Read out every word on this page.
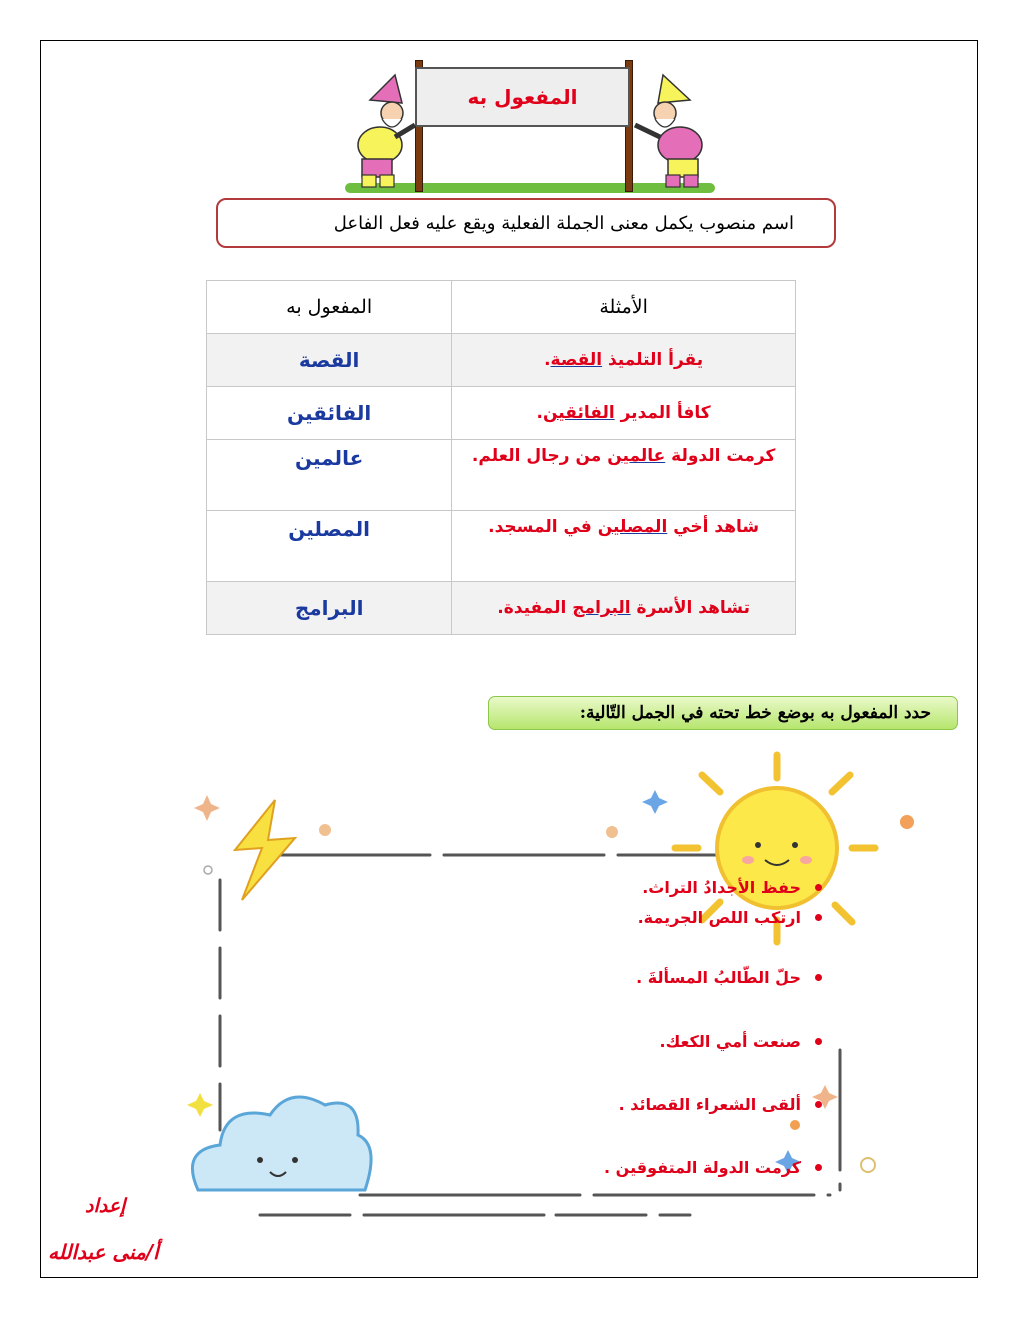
المفعول به
اسم منصوب يكمل معنى الجملة الفعلية ويقع عليه فعل الفاعل
الأمثلة	المفعول به
يقرأ التلميذ القصة.	القصة
كافأ المدير الفائقين.	الفائقين
كرمت الدولة عالمين من رجال العلم.	عالمين
شاهد أخي المصلين في المسجد.	المصلين
تشاهد الأسرة البرامج المفيدة.	البرامج
حدد المفعول به بوضع خط تحته في الجمل التّالية:
حفظ الأجدادُ التراث.
ارتكب اللص الجريمة.
حلّ الطّالبُ المسألةَ .
صنعت أمي الكعك.
ألقى الشعراء القصائد .
كرمت الدولة المتفوقين .
إعداد
أ/منى عبدالله
